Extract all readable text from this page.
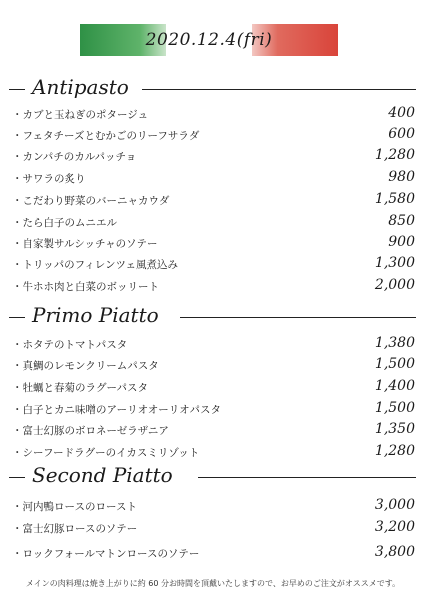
2020.12.4(fri)
Antipasto
・カブと玉ねぎのポタージュ	400
・フェタチーズとむかごのリーフサラダ	600
・カンパチのカルパッチョ	1,280
・サワラの炙り	980
・こだわり野菜のバーニャカウダ	1,580
・たら白子のムニエル	850
・自家製サルシッチャのソテー	900
・トリッパのフィレンツェ風煮込み	1,300
・牛ホホ肉と白菜のボッリート	2,000
Primo Piatto
・ホタテのトマトパスタ	1,380
・真鯛のレモンクリームパスタ	1,500
・牡蠣と春菊のラグーパスタ	1,400
・白子とカニ味噌のアーリオオーリオパスタ	1,500
・富士幻豚のボロネーゼラザニア	1,350
・シーフードラグーのイカスミリゾット	1,280
Second Piatto
・河内鴨ロースのロースト	3,000
・富士幻豚ロースのソテー	3,200
・ロックフォールマトンロースのソテー	3,800
メインの肉料理は焼き上がりに約 60 分お時間を頂戴いたしますので、お早めのご注文がオススメです。
